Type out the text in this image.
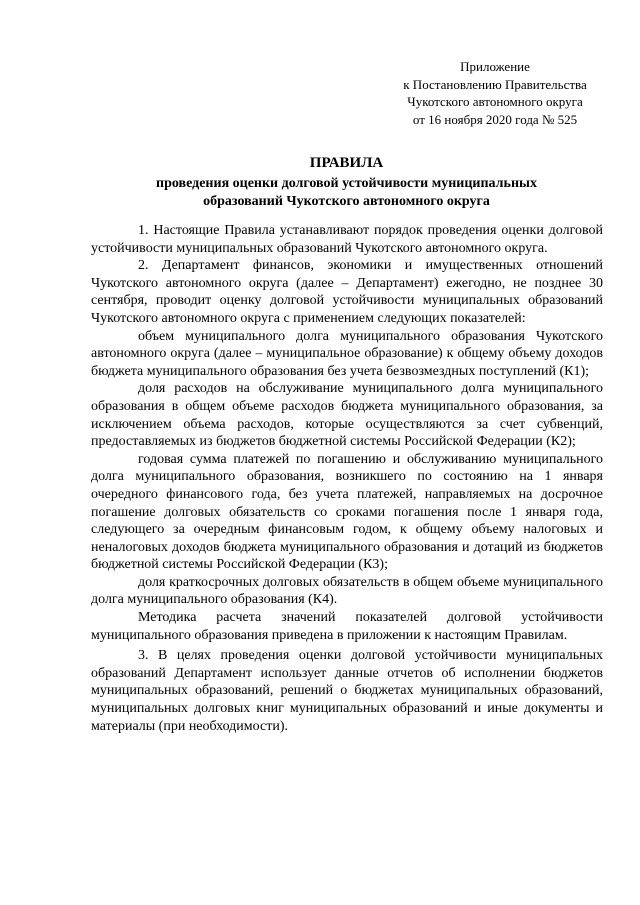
Приложение
к Постановлению Правительства
Чукотского автономного округа
от 16 ноября 2020 года № 525
ПРАВИЛА
проведения оценки долговой устойчивости муниципальных
образований Чукотского автономного округа

1. Настоящие Правила устанавливают порядок проведения оценки долговой устойчивости муниципальных образований Чукотского автономного округа.

2. Департамент финансов, экономики и имущественных отношений Чукотского автономного округа (далее – Департамент) ежегодно, не позднее 30 сентября, проводит оценку долговой устойчивости муниципальных образований Чукотского автономного округа с применением следующих показателей:

объем муниципального долга муниципального образования Чукотского автономного округа (далее – муниципальное образование) к общему объему доходов бюджета муниципального образования без учета безвозмездных поступлений (К1);

доля расходов на обслуживание муниципального долга муниципального образования в общем объеме расходов бюджета муниципального образования, за исключением объема расходов, которые осуществляются за счет субвенций, предоставляемых из бюджетов бюджетной системы Российской Федерации (К2);

годовая сумма платежей по погашению и обслуживанию муниципального долга муниципального образования, возникшего по состоянию на 1 января очередного финансового года, без учета платежей, направляемых на досрочное погашение долговых обязательств со сроками погашения после 1 января года, следующего за очередным финансовым годом, к общему объему налоговых и неналоговых доходов бюджета муниципального образования и дотаций из бюджетов бюджетной системы Российской Федерации (К3);

доля краткосрочных долговых обязательств в общем объеме муниципального долга муниципального образования (К4).

Методика расчета значений показателей долговой устойчивости муниципального образования приведена в приложении к настоящим Правилам.

3. В целях проведения оценки долговой устойчивости муниципальных образований Департамент использует данные отчетов об исполнении бюджетов муниципальных образований, решений о бюджетах муниципальных образований, муниципальных долговых книг муниципальных образований и иные документы и материалы (при необходимости).
